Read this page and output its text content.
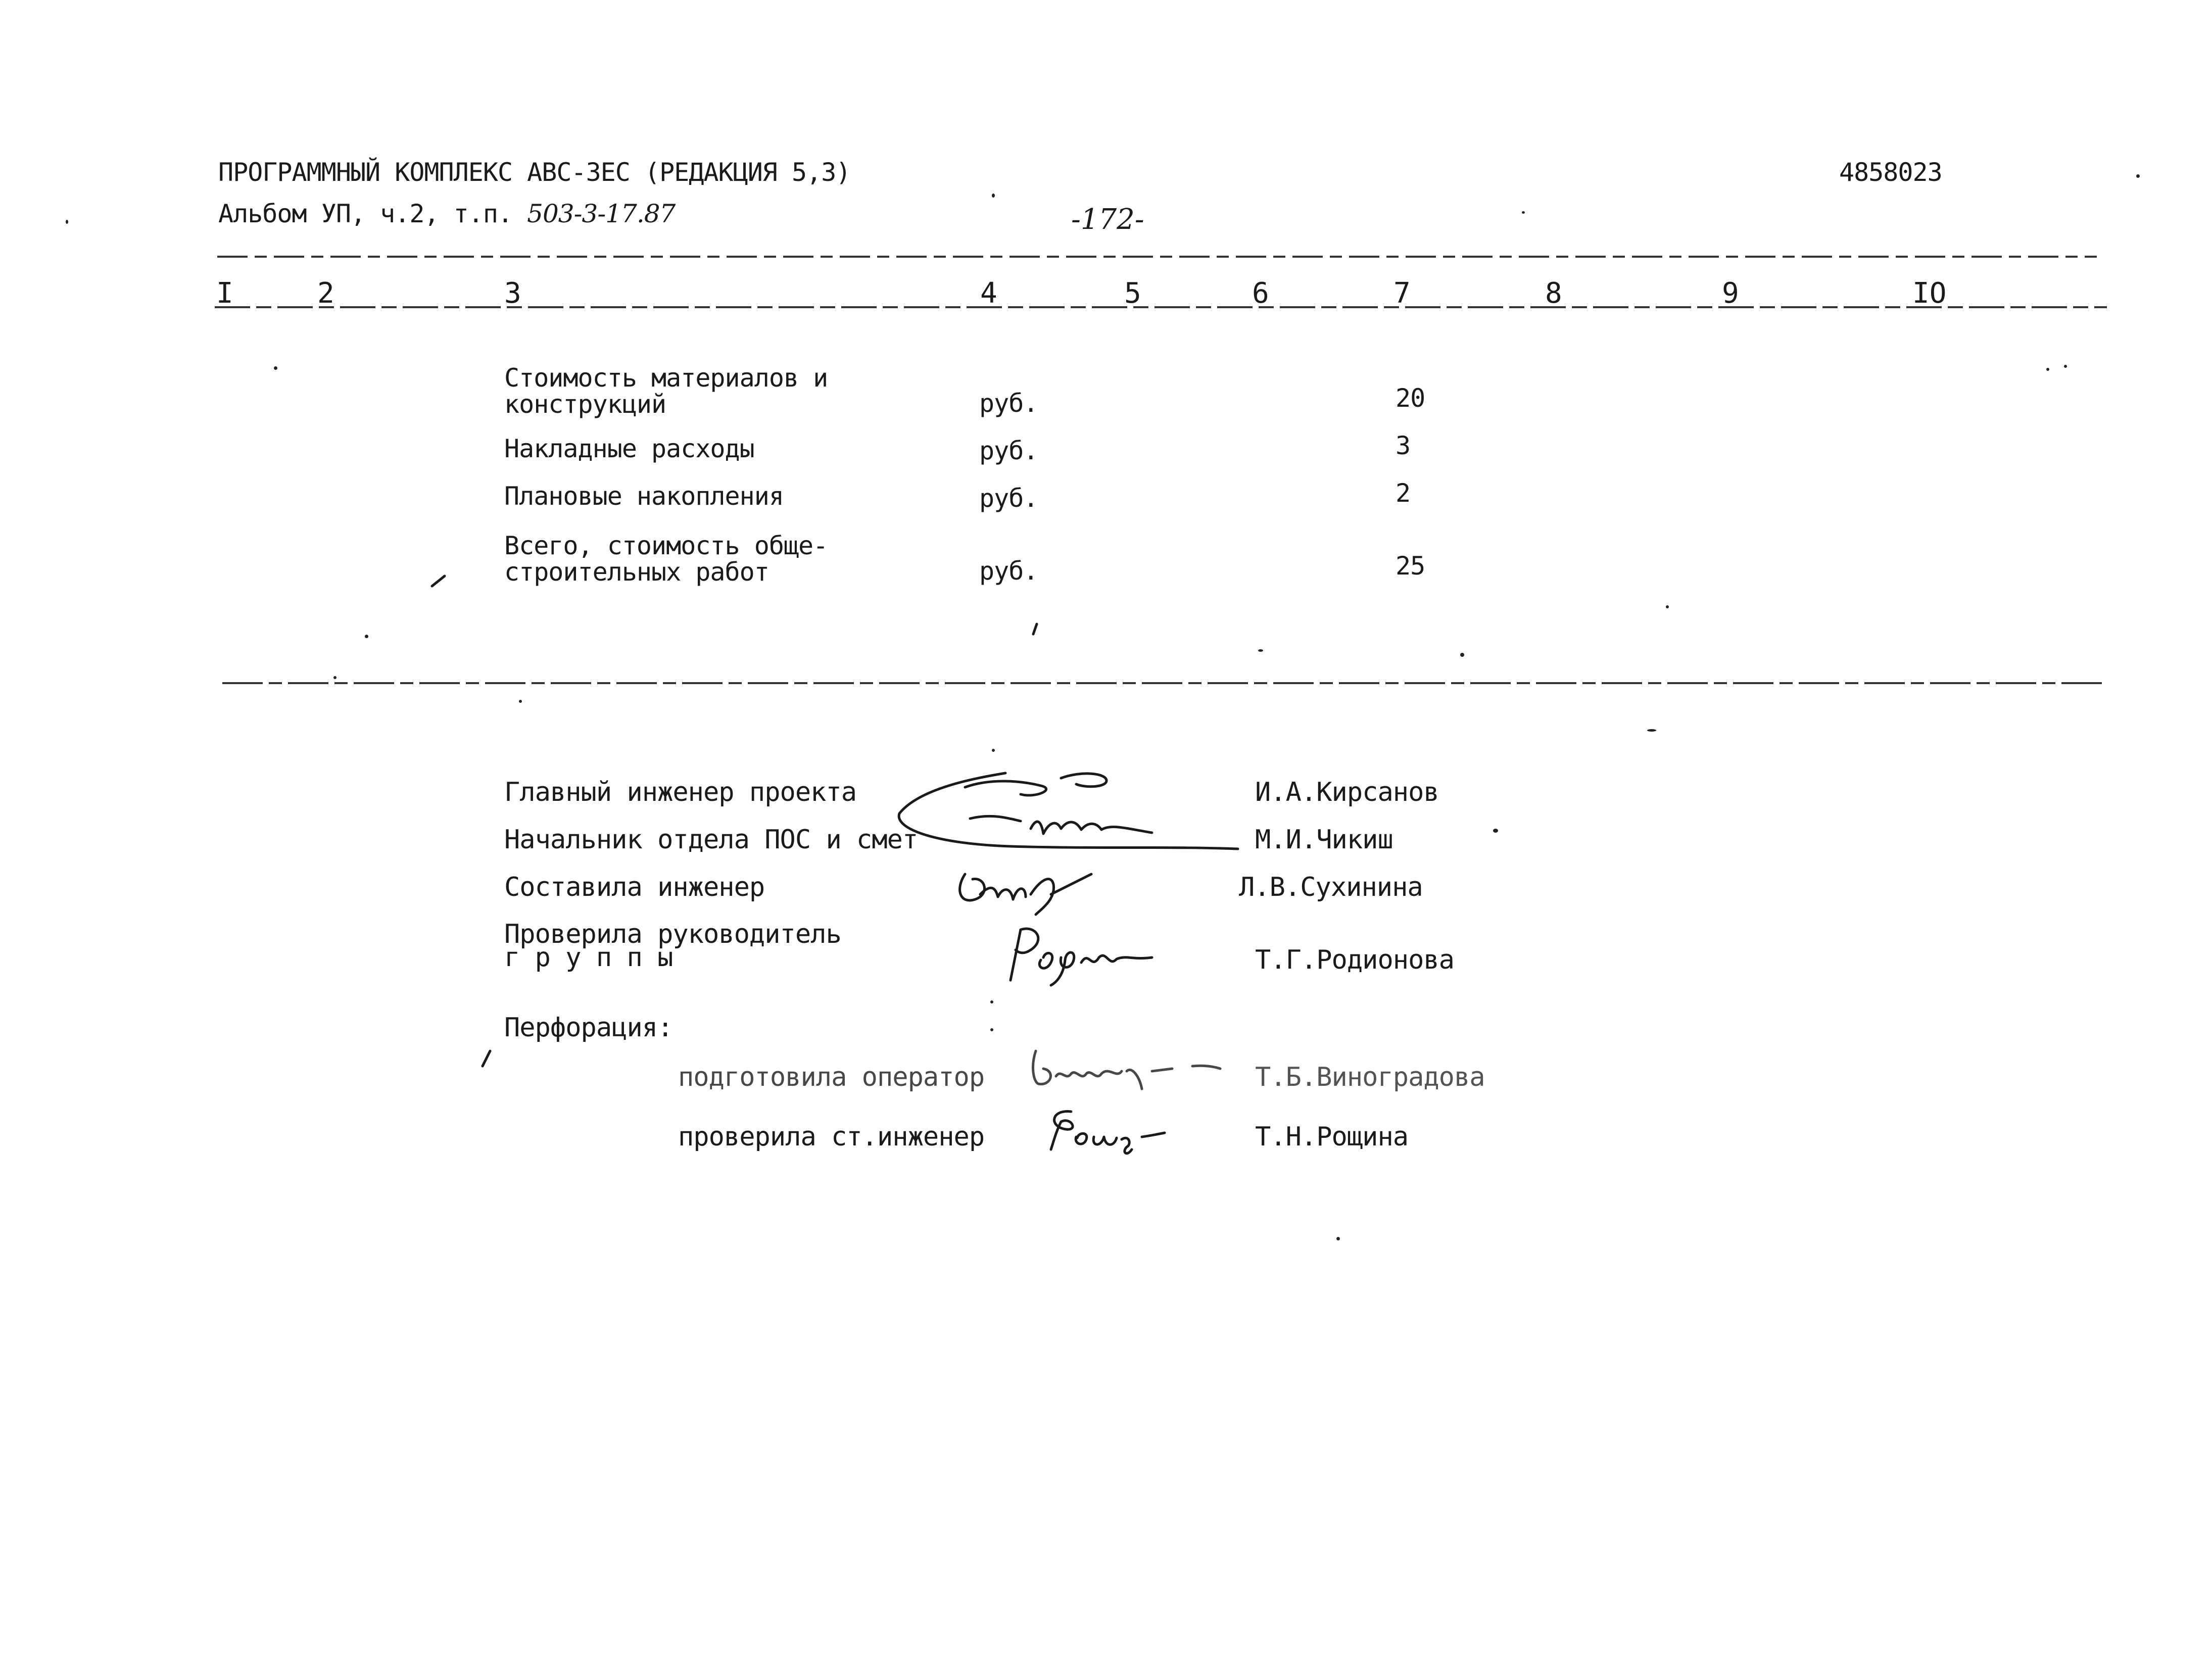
ПРОГРАММНЫЙ КОМПЛЕКС АВС-ЗЕС (РЕДАКЦИЯ 5,3)
Альбом УП, ч.2, т.п. 503-3-17.87	-172-
4858023
I	2	3	4	5	6	7	8	9	IO
Стоимость материалов и
конструкций	руб.	20
Накладные расходы	руб.	3
Плановые накопления	руб.	2
Всего, стоимость обще-
строительных работ	руб.	25
Главный инженер проекта	И.А.Кирсанов
Начальник отдела ПОС и смет	М.И.Чикиш
Составила инженер	Л.В.Сухинина
Проверила руководитель
г р у п п ы	Т.Г.Родионова
Перфорация:
подготовила оператор	Т.Б.Виноградова
проверила ст.инженер	Т.Н.Рощина
